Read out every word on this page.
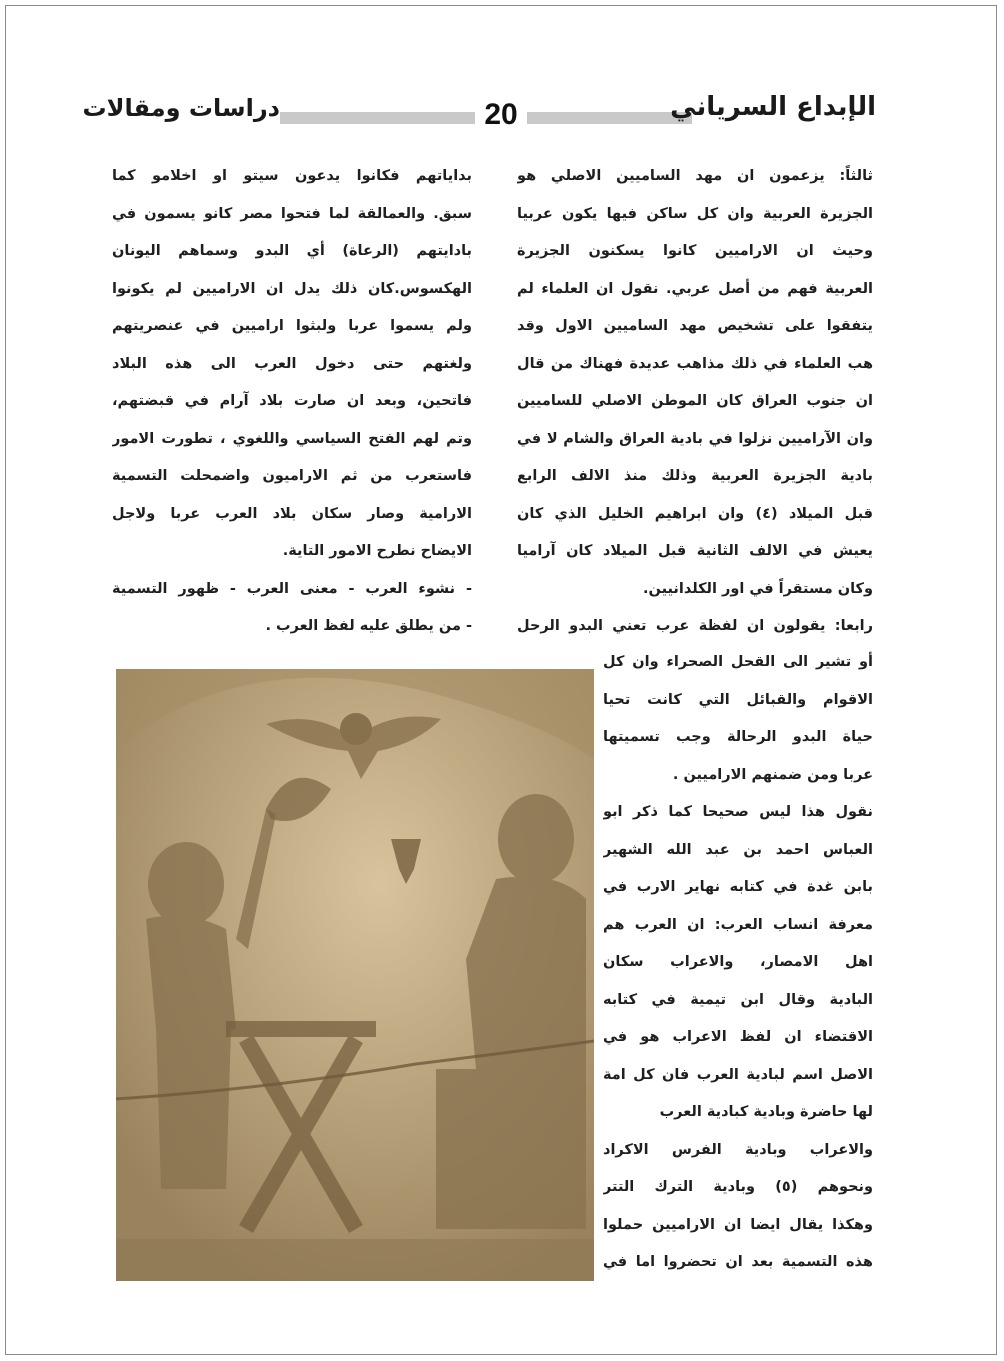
الإبداع السرياني
20
دراسات ومقالات

ثالثاً: يزعمون ان مهد الساميين الاصلي هو

الجزيرة العربية وان كل ساكن فيها يكون عربيا

وحيث ان الاراميين كانوا يسكنون الجزيرة

العربية فهم من أصل عربي. نقول ان العلماء لم

يتفقوا على تشخيص مهد الساميين الاول وقد

هب العلماء في ذلك مذاهب عديدة فهناك من قال

ان جنوب العراق كان الموطن الاصلي للساميين

وان الآراميين نزلوا في بادية العراق والشام لا في

بادية الجزيرة العربية وذلك منذ الالف الرابع

قبل الميلاد (٤) وان ابراهيم الخليل الذي كان

يعيش في الالف الثانية قبل الميلاد كان آراميا

وكان مستقراً في اور الكلدانيين.

رابعا: يقولون ان لفظة عرب تعني البدو الرحل

أو تشير الى القحل الصحراء وان كل

الاقوام والقبائل التي كانت تحيا

حياة البدو الرحالة وجب تسميتها

عربا ومن ضمنهم الاراميين .

نقول هذا ليس صحيحا كما ذكر ابو

العباس احمد بن عبد الله الشهير

بابن غدة في كتابه نهاير الارب في

معرفة انساب العرب: ان العرب هم

اهل الامصار، والاعراب سكان

البادية وقال ابن تيمية في كتابه

الاقتضاء ان لفظ الاعراب هو في

الاصل اسم لبادية العرب فان كل امة

لها حاضرة وبادية كبادية العرب

والاعراب وبادية الفرس الاكراد

ونحوهم (٥) وبادية الترك التتر

وهكذا يقال ايضا ان الاراميين حملوا

هذه التسمية بعد ان تحضروا اما في

بداياتهم فكانوا يدعون سيتو او اخلامو كما

سبق. والعمالقة لما فتحوا مصر كانو يسمون في

بادايتهم (الرعاة) أي البدو وسماهم اليونان

الهكسوس.كان ذلك يدل ان الاراميين لم يكونوا

ولم يسموا عربا ولبثوا اراميين في عنصريتهم

ولغتهم حتى دخول العرب الى هذه البلاد

فاتحين، وبعد ان صارت بلاد آرام في قبضتهم،

وتم لهم الفتح السياسي واللغوي ، تطورت الامور

فاستعرب من ثم الاراميون واضمحلت التسمية

الارامية وصار سكان بلاد العرب عربا ولاجل

الايضاح نطرح الامور التاية.

- نشوء العرب - معنى العرب - ظهور التسمية

- من يطلق عليه لفظ العرب .
